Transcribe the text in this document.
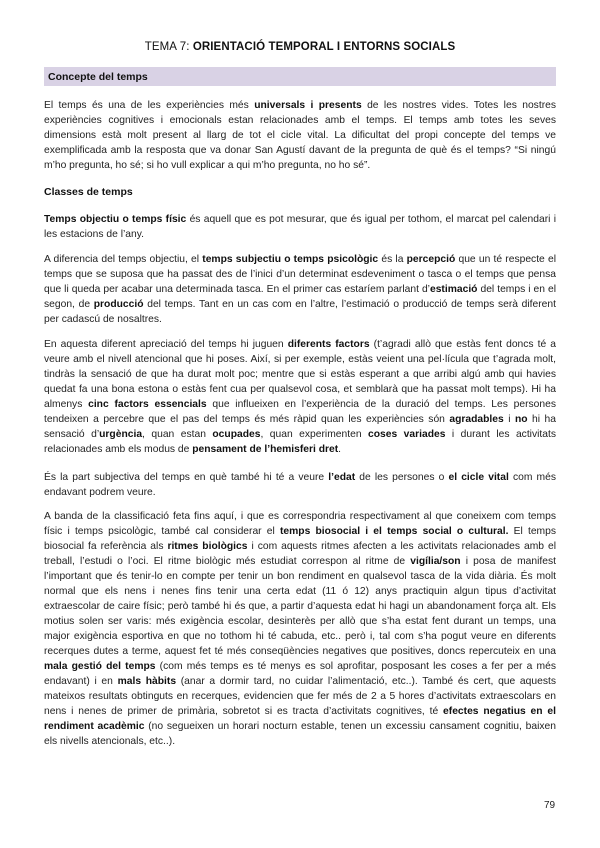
TEMA 7: ORIENTACIÓ TEMPORAL I ENTORNS SOCIALS
Concepte del temps

El temps és una de les experiències més universals i presents de les nostres vides. Totes les nostres experiències cognitives i emocionals estan relacionades amb el temps. El temps amb totes les seves dimensions està molt present al llarg de tot el cicle vital. La dificultat del propi concepte del temps ve exemplificada amb la resposta que va donar San Agustí davant de la pregunta de què és el temps? “Si ningú m’ho pregunta, ho sé; si ho vull explicar a qui m’ho pregunta, no ho sé”.

Classes de temps

Temps objectiu o temps físic és aquell que es pot mesurar, que és igual per tothom, el marcat pel calendari i les estacions de l’any.

A diferencia del temps objectiu, el temps subjectiu o temps psicològic és la percepció que un té respecte el temps que se suposa que ha passat des de l’inici d’un determinat esdeveniment o tasca o el temps que pensa que li queda per acabar una determinada tasca. En el primer cas estaríem parlant d’estimació del temps i en el segon, de producció del temps. Tant en un cas com en l’altre, l’estimació o producció de temps serà diferent per cadascú de nosaltres.

En aquesta diferent apreciació del temps hi juguen diferents factors (t’agradi allò que estàs fent doncs té a veure amb el nivell atencional que hi poses. Així, si per exemple, estàs veient una pel·lícula que t’agrada molt, tindràs la sensació de que ha durat molt poc; mentre que si estàs esperant a que arribi algú amb qui havies quedat fa una bona estona o estàs fent cua per qualsevol cosa, et semblarà que ha passat molt temps). Hi ha almenys cinc factors essencials que influeixen en l’experiència de la duració del temps. Les persones tendeixen a percebre que el pas del temps és més ràpid quan les experiències són agradables i no hi ha sensació d’urgència, quan estan ocupades, quan experimenten coses variades i durant les activitats relacionades amb els modus de pensament de l’hemisferi dret.

És la part subjectiva del temps en què també hi té a veure l’edat de les persones o el cicle vital com més endavant podrem veure.

A banda de la classificació feta fins aquí, i que es correspondria respectivament al que coneixem com temps físic i temps psicològic, també cal considerar el temps biosocial i el temps social o cultural. El temps biosocial fa referència als ritmes biològics i com aquests ritmes afecten a les activitats relacionades amb el treball, l’estudi o l’oci. El ritme biològic més estudiat correspon al ritme de vigília/son i posa de manifest l’important que és tenir-lo en compte per tenir un bon rendiment en qualsevol tasca de la vida diària. És molt normal que els nens i nenes fins tenir una certa edat (11 ó 12) anys practiquin algun tipus d’activitat extraescolar de caire físic; però també hi és que, a partir d’aquesta edat hi hagi un abandonament força alt. Els motius solen ser varis: més exigència escolar, desinterès per allò que s’ha estat fent durant un temps, una major exigència esportiva en que no tothom hi té cabuda, etc.. però i, tal com s’ha pogut veure en diferents recerques dutes a terme, aquest fet té més conseqüències negatives que positives, doncs repercuteix en una mala gestió del temps (com més temps es té menys es sol aprofitar, posposant les coses a fer per a més endavant) i en mals hàbits (anar a dormir tard, no cuidar l’alimentació, etc..). També és cert, que aquests mateixos resultats obtinguts en recerques, evidencien que fer més de 2 a 5 hores d’activitats extraescolars en nens i nenes de primer de primària, sobretot si es tracta d’activitats cognitives, té efectes negatius en el rendiment acadèmic (no segueixen un horari nocturn estable, tenen un excessiu cansament cognitiu, baixen els nivells atencionals, etc..).

79
